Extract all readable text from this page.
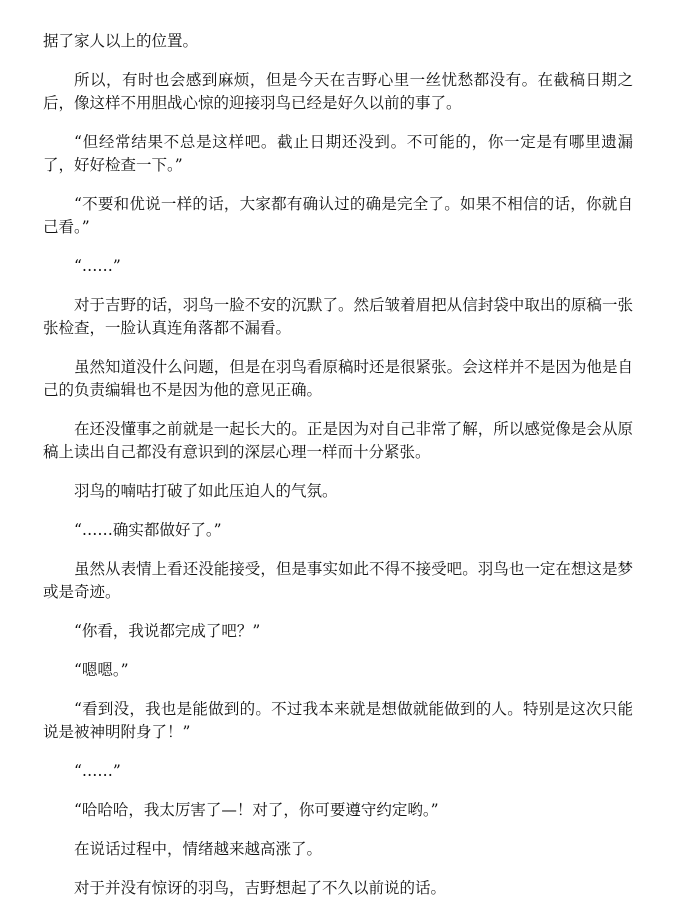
据了家人以上的位置。

所以，有时也会感到麻烦，但是今天在吉野心里一丝忧愁都没有。在截稿日期之后，像这样不用胆战心惊的迎接羽鸟已经是好久以前的事了。

“但经常结果不总是这样吧。截止日期还没到。不可能的，你一定是有哪里遗漏了，好好检查一下。”

“不要和优说一样的话，大家都有确认过的确是完全了。如果不相信的话，你就自己看。”

“……”

对于吉野的话，羽鸟一脸不安的沉默了。然后皱着眉把从信封袋中取出的原稿一张张检查，一脸认真连角落都不漏看。

虽然知道没什么问题，但是在羽鸟看原稿时还是很紧张。会这样并不是因为他是自己的负责编辑也不是因为他的意见正确。

在还没懂事之前就是一起长大的。正是因为对自己非常了解，所以感觉像是会从原稿上读出自己都没有意识到的深层心理一样而十分紧张。

羽鸟的喃咕打破了如此压迫人的气氛。

“……确实都做好了。”

虽然从表情上看还没能接受，但是事实如此不得不接受吧。羽鸟也一定在想这是梦或是奇迹。

“你看，我说都完成了吧？”

“嗯嗯。”

“看到没，我也是能做到的。不过我本来就是想做就能做到的人。特别是这次只能说是被神明附身了！”

“……”

“哈哈哈，我太厉害了—！对了，你可要遵守约定哟。”

在说话过程中，情绪越来越高涨了。

对于并没有惊讶的羽鸟，吉野想起了不久以前说的话。
